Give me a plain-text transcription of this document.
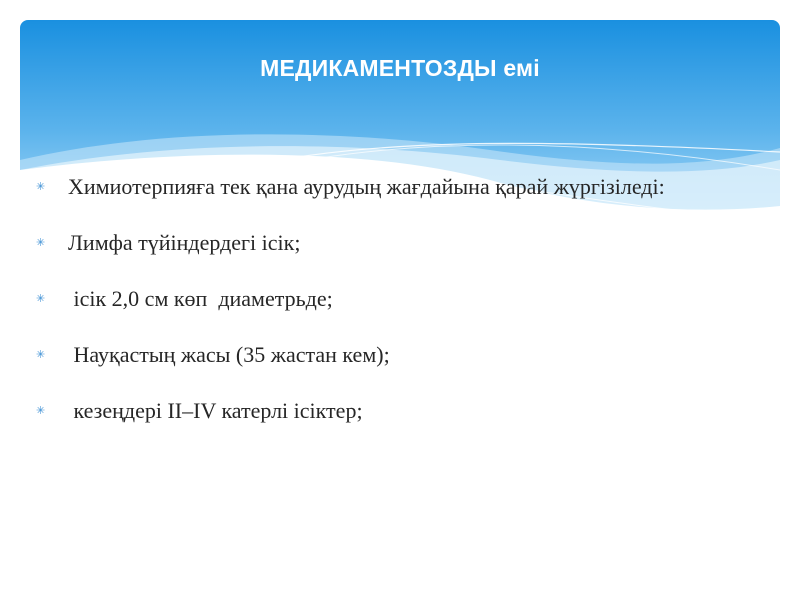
МЕДИКАМЕНТОЗДЫ емі
✳	Химиотерпияға тек қана аурудың жағдайына қарай жүргізіледі:
✳	Лимфа түйіндердегі ісік;
✳	ісік 2,0 см көп  диаметрьде;
✳	Науқастың жасы (35 жастан кем);
✳	кезеңдері II–IV катерлі ісіктер;
